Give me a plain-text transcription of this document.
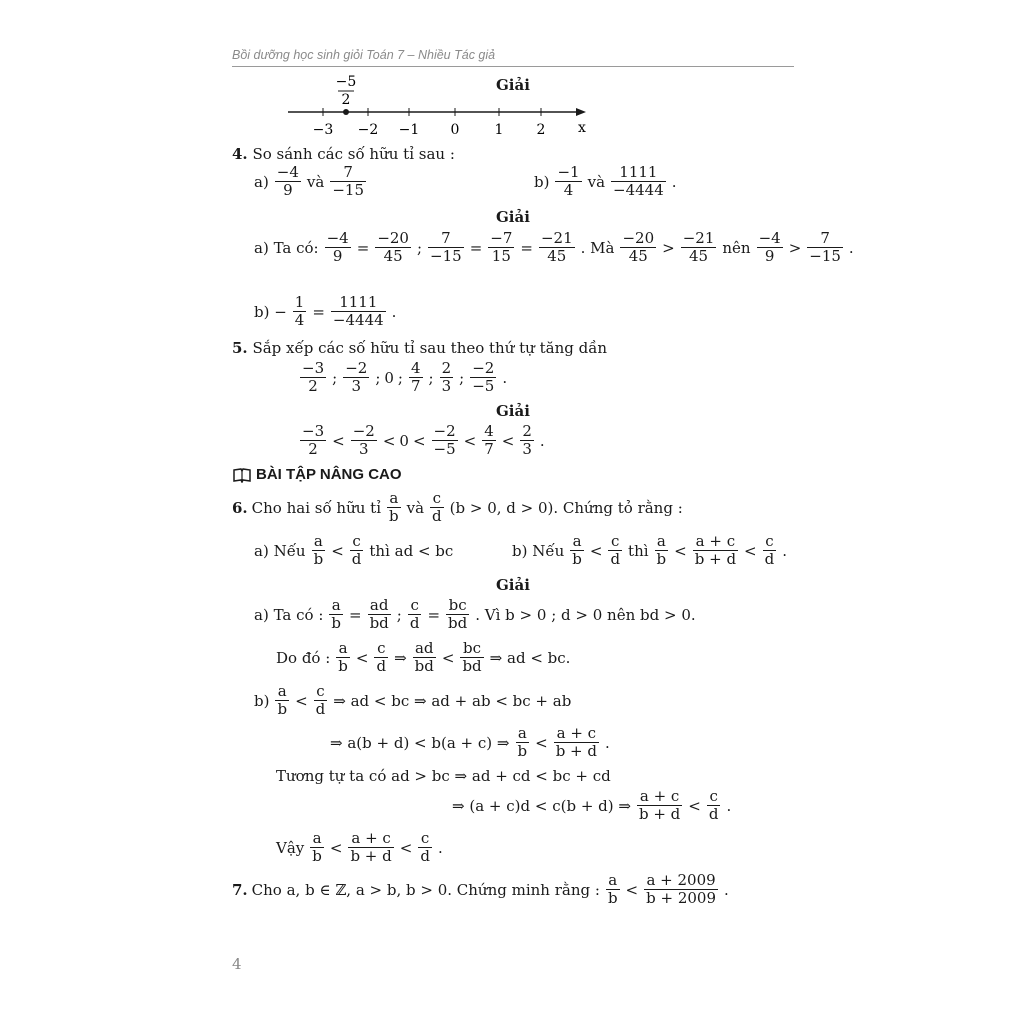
Bồi dưỡng học sinh giỏi Toán 7 – Nhiều Tác giả
−5
2
−3 −2 −1 0	1 2 x
Giải
4. So sánh các số hữu tỉ sau :
$a) \frac{-4}{9}$ và $\frac{7}{-15}$	$b) \frac{-1}{4}$ và $\frac{1111}{-4444}$ .
Giải
a) Ta có: $\frac{-4}{9} = \frac{-20}{45}$ ; $\frac{7}{-15} = \frac{-7}{15} = \frac{-21}{45}$ . Mà $\frac{-20}{45} > \frac{-21}{45}$ nên $\frac{-4}{9} > \frac{7}{-15}$ .
$b) - \frac{1}{4} = \frac{1111}{-4444}$ .
5. Sắp xếp các số hữu tỉ sau theo thứ tự tăng dần
$\frac{-3}{2}$ ; $\frac{-2}{3}$ ; 0 ; $\frac{4}{7}$ ; $\frac{2}{3}$ ; $\frac{-2}{-5}$ .
Giải
$\frac{-3}{2} < \frac{-2}{3} < 0 < \frac{-2}{-5} < \frac{4}{7} < \frac{2}{3}$ .
BÀI TẬP NÂNG CAO
6. Cho hai số hữu tỉ $\frac{a}{b}$ và $\frac{c}{d} (b > 0$, d > 0). Chứng tỏ rằng :
a) Nếu $\frac{a}{b} < \frac{c}{d}$ thì ad < bc	b) Nếu $\frac{a}{b} < \frac{c}{d}$ thì $\frac{a}{b} < \frac{a + c}{b + d} < \frac{c}{d}$ .
Giải
a) Ta có : $\frac{a}{b} = \frac{ad}{bd}$ ; $\frac{c}{d} = \frac{bc}{bd}$ . Vì b > 0 ; d > 0 nên bd > 0.
Do đó : $\frac{a}{b} < \frac{c}{d}$ ⇒ $\frac{ad}{bd} < \frac{bc}{bd}$ ⇒ ad < bc.
$b) \frac{a}{b} < \frac{c}{d}$ ⇒ ad < bc ⇒ ad + ab < bc + ab
⇒ a(b + d) < b(a + c) ⇒ $\frac{a}{b} < \frac{a + c}{b + d}$ .
Tương tự ta có ad > bc ⇒ ad + cd < bc + cd
⇒ (a + c)d < c(b + d) ⇒ $\frac{a + c}{b + d} < \frac{c}{d}$ .
Vậy $\frac{a}{b} < \frac{a + c}{b + d} < \frac{c}{d}$ .
7. Cho a, b ∈ ℤ, a > b, b > 0. Chứng minh rằng : $\frac{a}{b} < \frac{a + 2009}{b + 2009}$ .
4
